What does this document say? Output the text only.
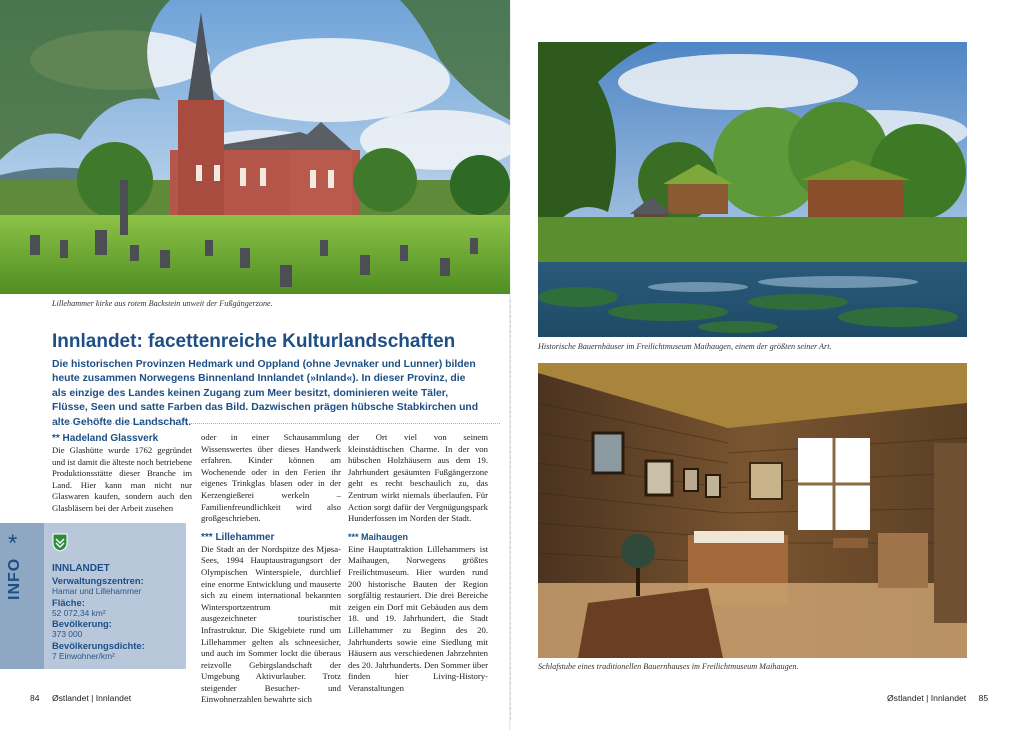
Lillehammer kirke aus rotem Backstein unweit der Fußgängerzone.
Innlandet: facettenreiche Kulturlandschaften
Die historischen Provinzen Hedmark und Oppland (ohne Jevnaker und Lunner) bilden heute zusammen Norwegens Binnenland Innlandet (»Inland«). In dieser Provinz, die als einzige des Landes keinen Zugang zum Meer besitzt, dominieren weite Täler, Flüsse, Seen und satte Farben das Bild. Dazwischen prägen hübsche Stabkirchen und alte Gehöfte die Landschaft.
** Hadeland Glassverk
Die Glashütte wurde 1762 gegründet und ist damit die älteste noch betriebene Produktionsstätte dieser Branche im Land. Hier kann man nicht nur Glaswaren kaufen, sondern auch den Glasbläsern bei der Arbeit zusehen
oder in einer Schausammlung Wissenswertes über dieses Handwerk erfahren. Kinder können am Wochenende oder in den Ferien ihr eigenes Trinkglas blasen oder in der Kerzengießerei werkeln – Familienfreundlichkeit wird also großgeschrieben.
*** Lillehammer
Die Stadt an der Nordspitze des Mjøsa-Sees, 1994 Hauptaustragungsort der Olympischen Winterspiele, durchlief eine enorme Entwicklung und mauserte sich zu einem international bekannten Wintersportzentrum mit ausgezeichneter touristischer Infrastruktur. Die Skigebiete rund um Lillehammer gelten als schneesicher, und auch im Sommer lockt die überaus reizvolle Gebirgslandschaft der Umgebung Aktivurlauber. Trotz steigender Besucher- und Einwohnerzahlen bewahrte sich
der Ort viel von seinem kleinstädtischen Charme. In der von hübschen Holzhäusern aus dem 19. Jahrhundert gesäumten Fußgängerzone geht es recht beschaulich zu, das Zentrum wirkt niemals überlaufen. Für Action sorgt dafür der Vergnügungspark Hunderfossen im Norden der Stadt.
*** Maihaugen
Eine Hauptattraktion Lillehammers ist Maihaugen, Norwegens größtes Freilichtmuseum. Hier wurden rund 200 historische Bauten der Region sorgfältig restauriert. Die drei Bereiche zeigen ein Dorf mit Gebäuden aus dem 18. und 19. Jahrhundert, die Stadt Lillehammer zu Beginn des 20. Jahrhunderts sowie eine Siedlung mit Häusern aus verschiedenen Jahrzehnten des 20. Jahrhunderts. Den Sommer über finden hier Living-History-Veranstaltungen
*
INFO	INNLANDET
Verwaltungszentren:
Hamar und Lillehammer
Fläche:
52 072,34 km²
Bevölkerung:
373 000
Bevölkerungsdichte:
7 Einwohner/km²
84 Østlandet | Innlandet
Historische Bauernhäuser im Freilichtmuseum Maihaugen, einem der größten seiner Art.
Schlafstube eines traditionellen Bauernhauses im Freilichtmuseum Maihaugen.
Østlandet | Innlandet 85
